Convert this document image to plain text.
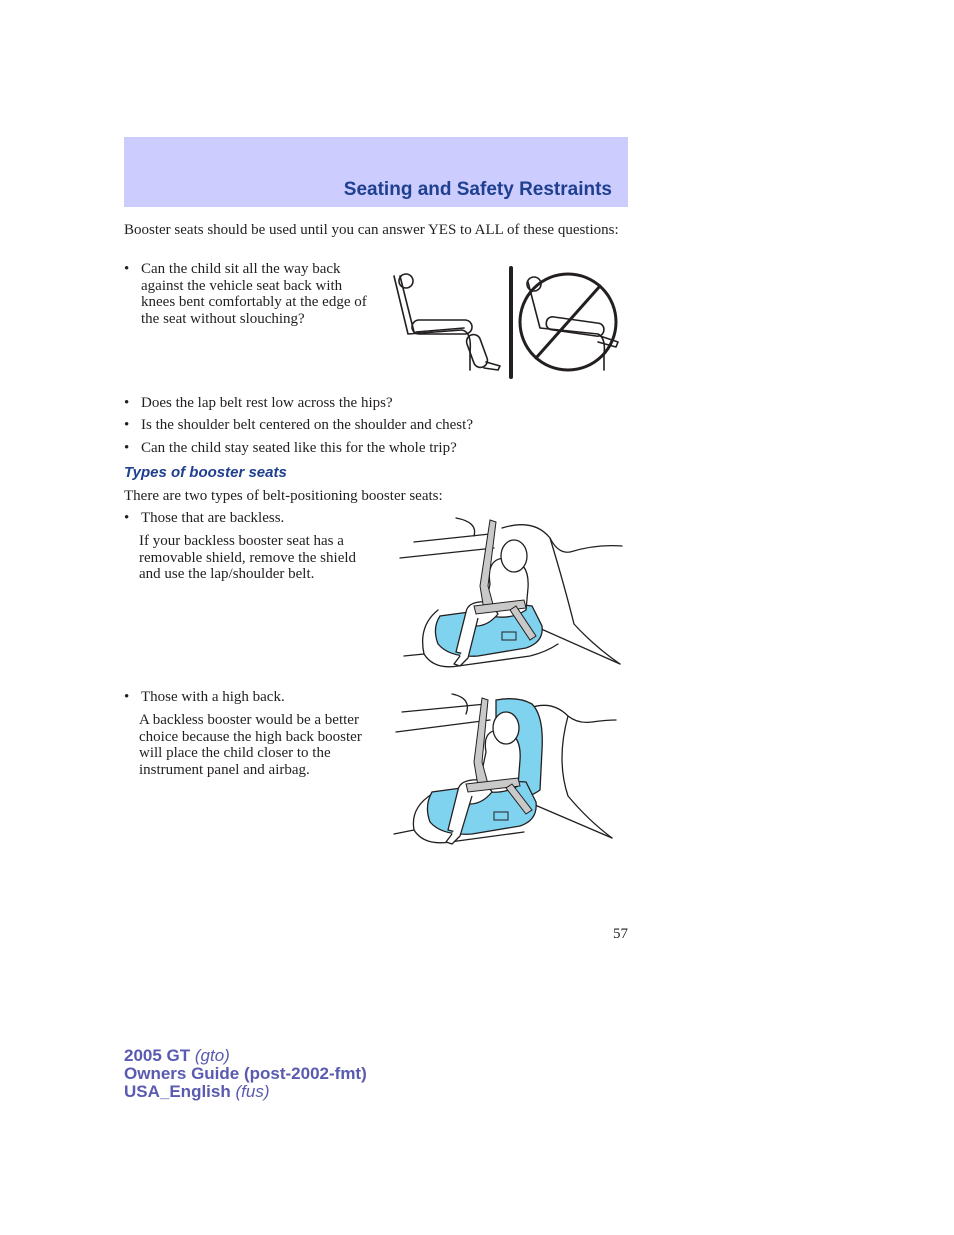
Seating and Safety Restraints
Booster seats should be used until you can answer YES to ALL of these questions:
• Can the child sit all the way back against the vehicle seat back with knees bent comfortably at the edge of the seat without slouching?
• Does the lap belt rest low across the hips?
• Is the shoulder belt centered on the shoulder and chest?
• Can the child stay seated like this for the whole trip?
Types of booster seats
There are two types of belt-positioning booster seats:
• Those that are backless.
If your backless booster seat has a removable shield, remove the shield and use the lap/shoulder belt.
• Those with a high back.
A backless booster would be a better choice because the high back booster will place the child closer to the instrument panel and airbag.
57
2005 GT (gto)
Owners Guide (post-2002-fmt)
USA_English (fus)
